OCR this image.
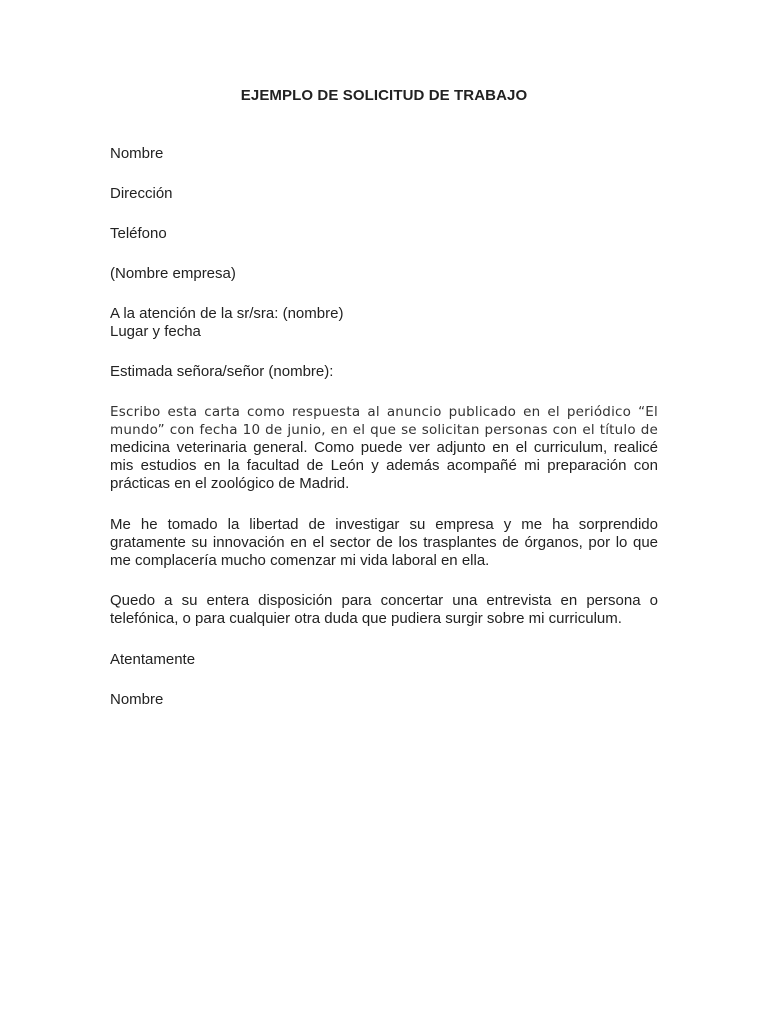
EJEMPLO DE SOLICITUD DE TRABAJO
Nombre
Dirección
Teléfono
(Nombre empresa)
A la atención de la sr/sra: (nombre)
Lugar y fecha
Estimada señora/señor (nombre):
Escribo esta carta como respuesta al anuncio publicado en el periódico “El
mundo” con fecha 10 de junio, en el que se solicitan personas con el título de
medicina veterinaria general. Como puede ver adjunto en el curriculum, realicé
mis estudios en la facultad de León y además acompañé mi preparación con
prácticas en el zoológico de Madrid.
Me he tomado la libertad de investigar su empresa y me ha sorprendido
gratamente su innovación en el sector de los trasplantes de órganos, por lo que
me complacería mucho comenzar mi vida laboral en ella.
Quedo a su entera disposición para concertar una entrevista en persona o
telefónica, o para cualquier otra duda que pudiera surgir sobre mi curriculum.
Atentamente
Nombre
